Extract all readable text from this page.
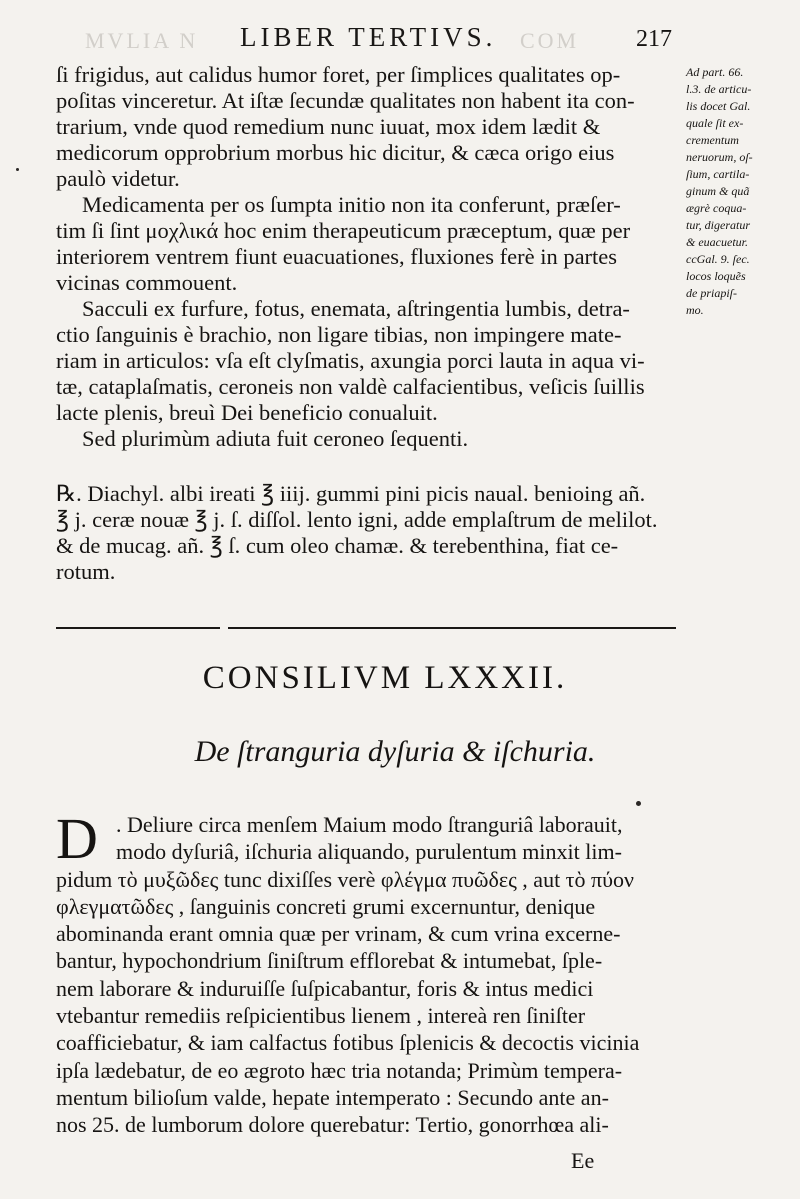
MVLIA N	COM
LIBER TERTIVS.	217
ſi frigidus, aut calidus humor foret, per ſimplices qualitates op-
poſitas vinceretur. At iſtæ ſecundæ qualitates non habent ita con-
trarium, vnde quod remedium nunc iuuat, mox idem lædit &
medicorum opprobrium morbus hic dicitur, & cæca origo eius
paulò videtur.
Medicamenta per os ſumpta initio non ita conferunt, præſer-
tim ſi ſint μοχλικά hoc enim therapeuticum præceptum, quæ per
interiorem ventrem fiunt euacuationes, fluxiones ferè in partes
vicinas commouent.
Sacculi ex furfure, fotus, enemata, aſtringentia lumbis, detra-
ctio ſanguinis è brachio, non ligare tibias, non impingere mate-
riam in articulos: vſa eſt clyſmatis, axungia porci lauta in aqua vi-
tæ, cataplaſmatis, ceroneis non valdè calfacientibus, veſicis ſuillis
lacte plenis, breuì Dei beneficio conualuit.
Sed plurimùm adiuta fuit ceroneo ſequenti.
Ad part. 66.
l.3. de articu-
lis docet Gal.
quale ſit ex-
crementum
neruorum, oſ-
ſium, cartila-
ginum & quã
ægrè coqua-
tur, digeratur
& euacuetur.
ccGal. 9. ſec.
locos loquẽs
de priapiſ-
mo.
℞. Diachyl. albi ireati ℥ iiij. gummi pini picis naual. benioing añ.
℥ j. ceræ nouæ ℥ j. ſ. diſſol. lento igni, adde emplaſtrum de melilot.
& de mucag. añ. ℥ ſ. cum oleo chamæ. & terebenthina, fiat ce-
rotum.
CONSILIVM LXXXII.
De ſtranguria dyſuria & iſchuria.
D . Deliure circa menſem Maium modo ſtranguriâ laborauit,
modo dyſuriâ, iſchuria aliquando, purulentum minxit lim-
pidum τὸ μυξῶδες tunc dixiſſes verè φλέγμα πυῶδες , aut τὸ πύον
φλεγματῶδες , ſanguinis concreti grumi excernuntur, denique
abominanda erant omnia quæ per vrinam, & cum vrina excerne-
bantur, hypochondrium ſiniſtrum efflorebat & intumebat, ſple-
nem laborare & induruiſſe ſuſpicabantur, foris & intus medici
vtebantur remediis reſpicientibus lienem , intereà ren ſiniſter
coafficiebatur, & iam calfactus fotibus ſplenicis & decoctis vicinia
ipſa lædebatur, de eo ægroto hæc tria notanda; Primùm tempera-
mentum bilioſum valde, hepate intemperato : Secundo ante an-
nos 25. de lumborum dolore querebatur: Tertio, gonorrhœa ali-
Ee
